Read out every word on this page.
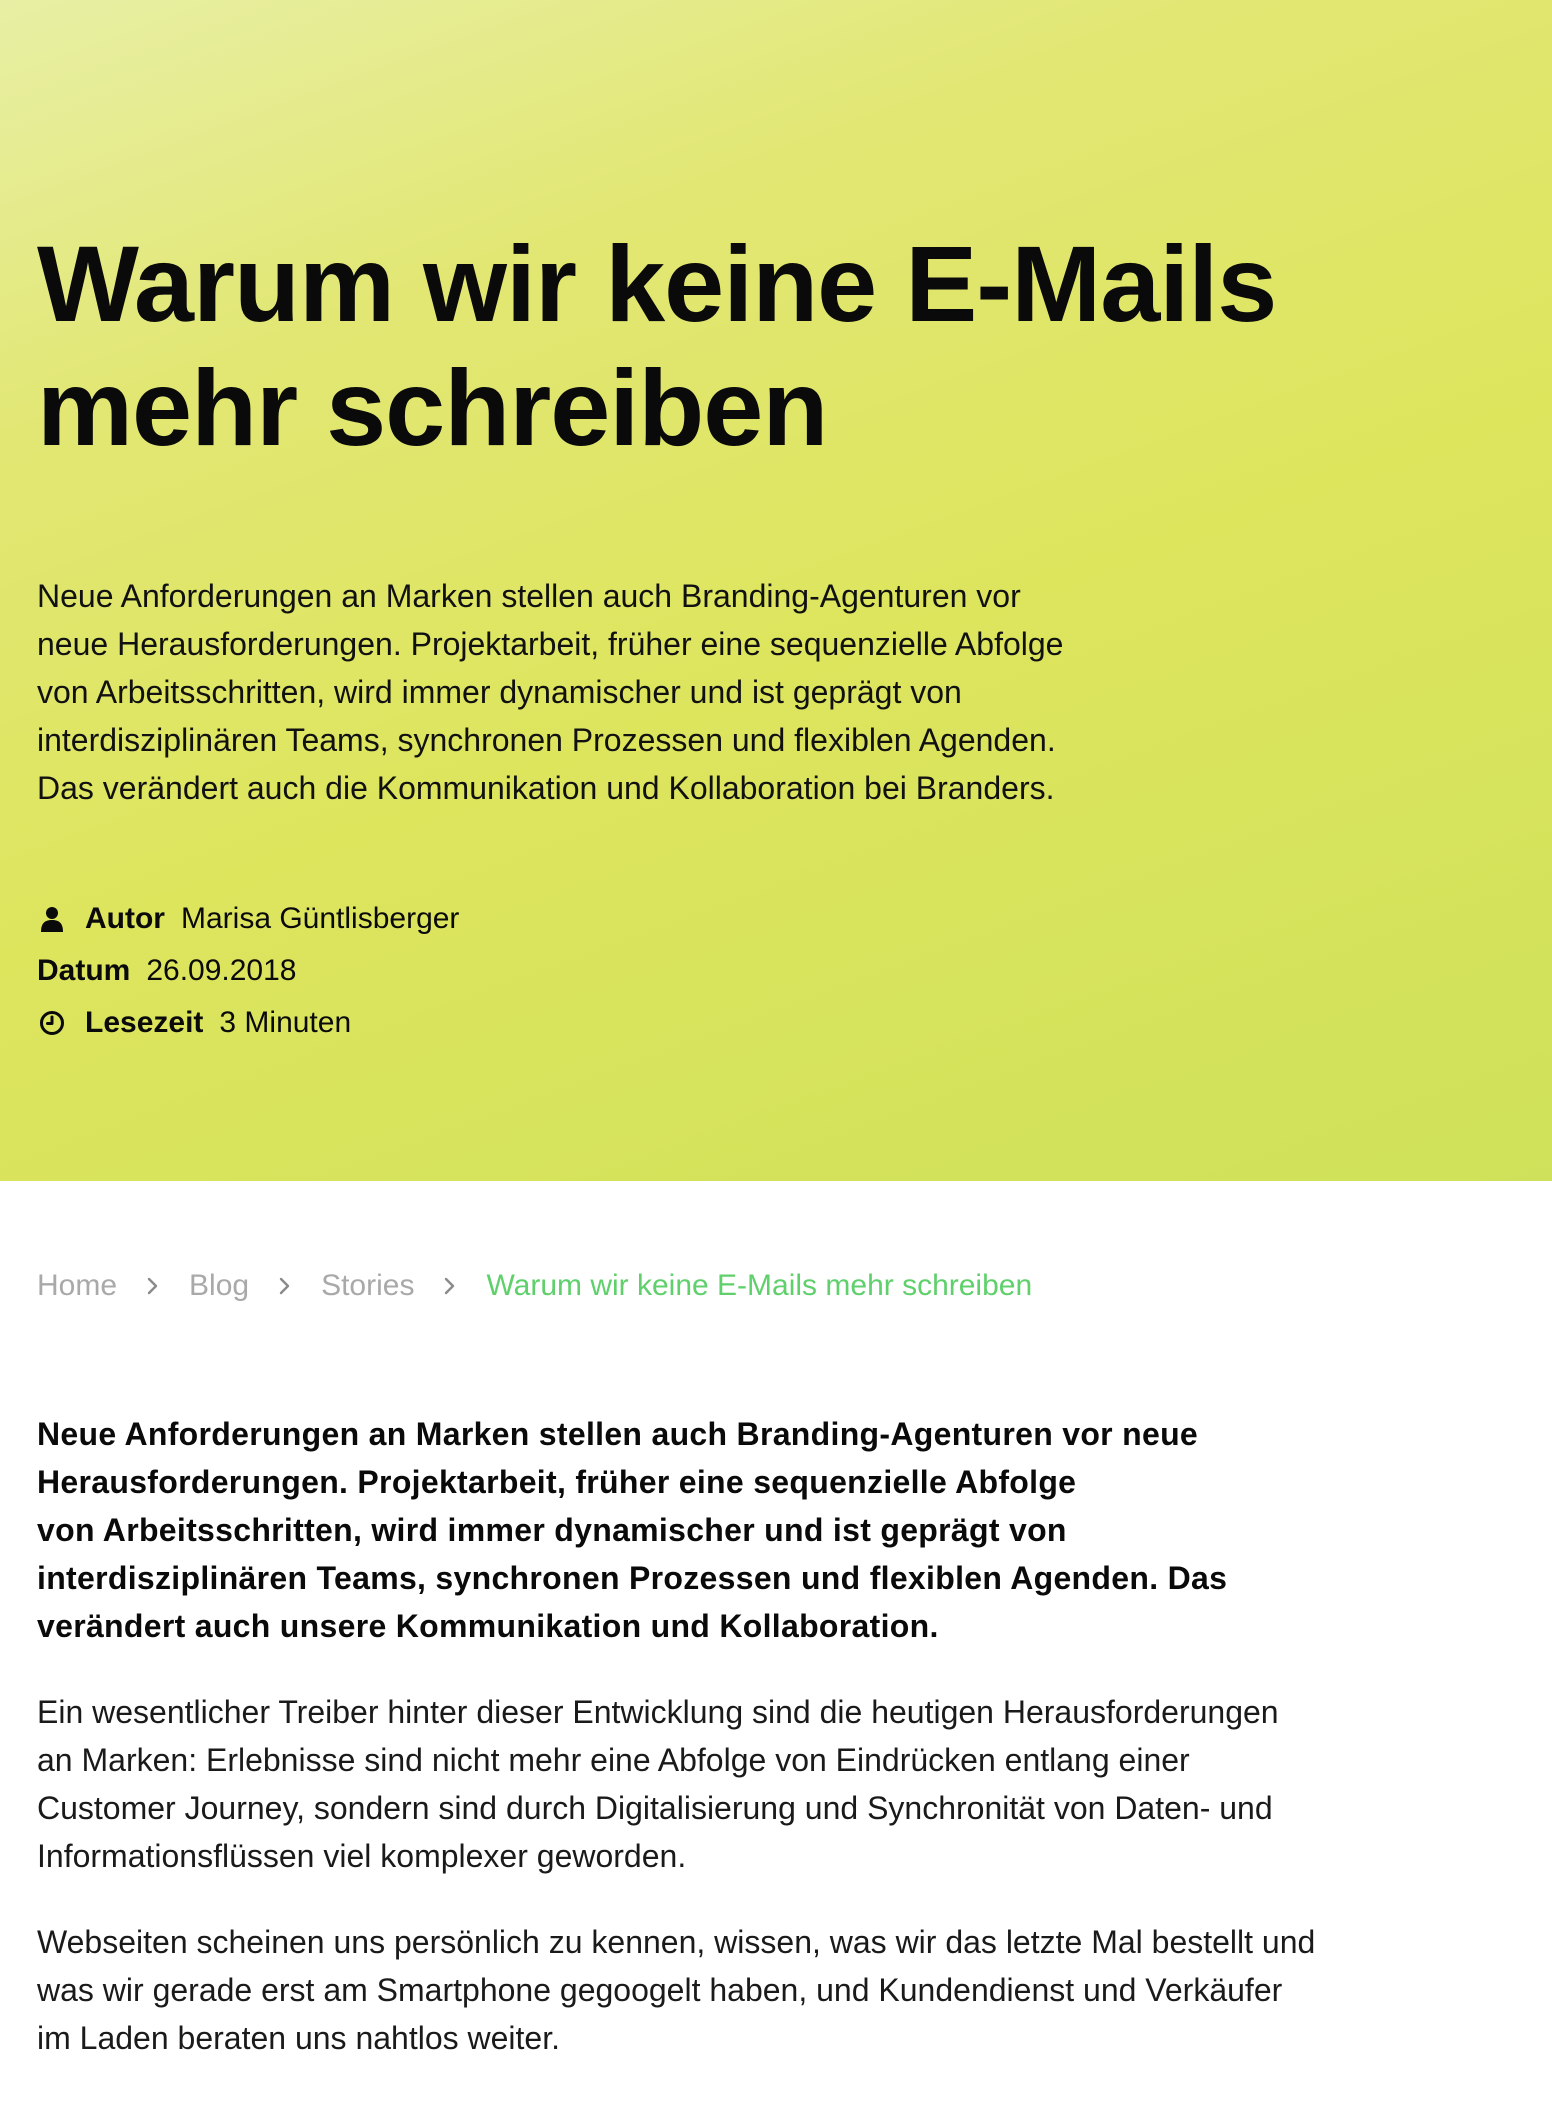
Warum wir keine E-Mails
mehr schreiben

Neue Anforderungen an Marken stellen auch Branding-Agenturen vor
neue Herausforderungen. Projektarbeit, früher eine sequenzielle Abfolge
von Arbeitsschritten, wird immer dynamischer und ist geprägt von
interdisziplinären Teams, synchronen Prozessen und flexiblen Agenden.
Das verändert auch die Kommunikation und Kollaboration bei Branders.

Autor Marisa Güntlisberger
Datum 26.09.2018
Lesezeit 3 Minuten
Home Blog Stories Warum wir keine E-Mails mehr schreiben

Neue Anforderungen an Marken stellen auch Branding-Agenturen vor neue
Herausforderungen. Projektarbeit, früher eine sequenzielle Abfolge
von Arbeitsschritten, wird immer dynamischer und ist geprägt von
interdisziplinären Teams, synchronen Prozessen und flexiblen Agenden. Das
verändert auch unsere Kommunikation und Kollaboration.

Ein wesentlicher Treiber hinter dieser Entwicklung sind die heutigen Herausforderungen
an Marken: Erlebnisse sind nicht mehr eine Abfolge von Eindrücken entlang einer
Customer Journey, sondern sind durch Digitalisierung und Synchronität von Daten- und
Informationsflüssen viel komplexer geworden.

Webseiten scheinen uns persönlich zu kennen, wissen, was wir das letzte Mal bestellt und
was wir gerade erst am Smartphone gegoogelt haben, und Kundendienst und Verkäufer
im Laden beraten uns nahtlos weiter.
